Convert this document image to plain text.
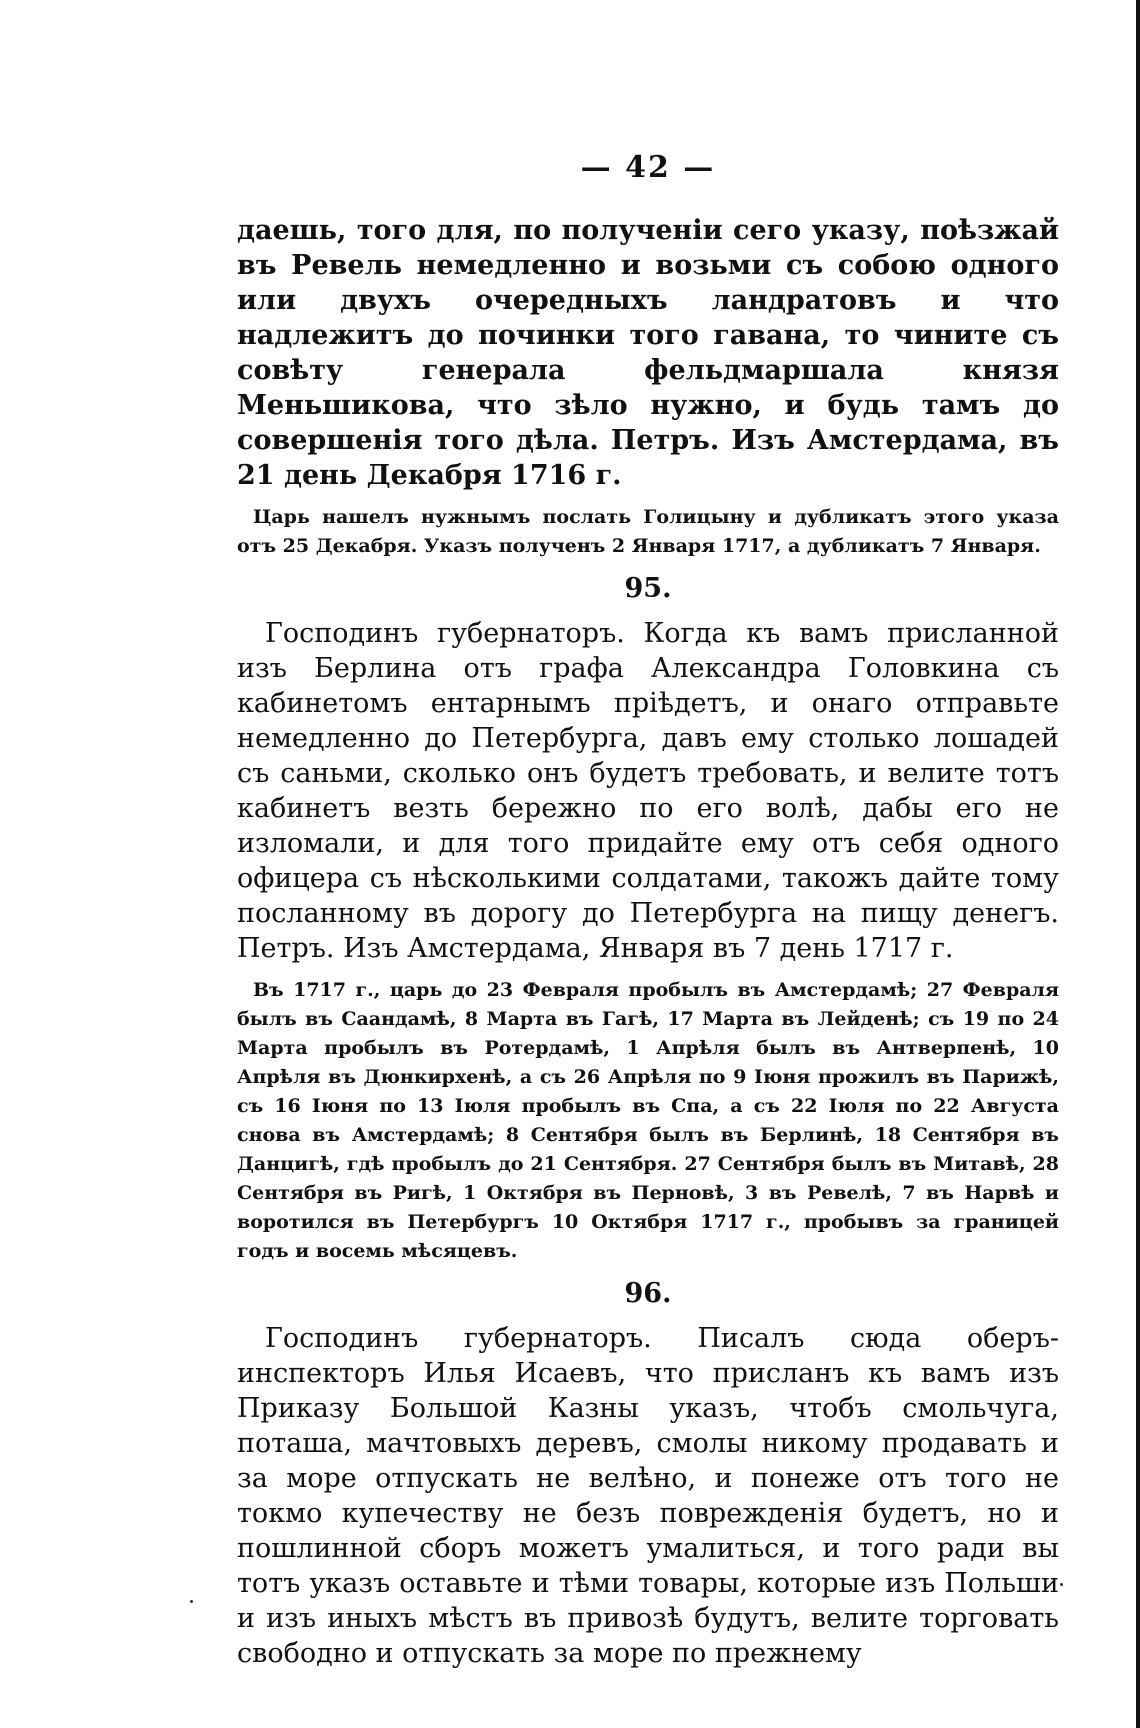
— 42 —

даешь, того для, по полученіи сего указу, поѣзжай въ Ревель немедленно и возьми съ собою одного или двухъ очередныхъ ландратовъ и что надлежитъ до починки того гавана, то чините съ совѣту генерала фельдмаршала князя Меньшикова, что зѣло нужно, и будь тамъ до совершенія того дѣла. Петръ. Изъ Амстердама, въ 21 день Декабря 1716 г.

Царь нашелъ нужнымъ послать Голицыну и дубликатъ этого указа отъ 25 Декабря. Указъ полученъ 2 Января 1717, а дубликатъ 7 Января.

95.

Господинъ губернаторъ. Когда къ вамъ присланной изъ Берлина отъ графа Александра Головкина съ кабинетомъ ентарнымъ пріѣдетъ, и онаго отправьте немедленно до Петербурга, давъ ему столько лошадей съ саньми, сколько онъ будетъ требовать, и велите тотъ кабинетъ везть бережно по его волѣ, дабы его не изломали, и для того придайте ему отъ себя одного офицера съ нѣсколькими солдатами, такожъ дайте тому посланному въ дорогу до Петербурга на пищу денегъ. Петръ. Изъ Амстердама, Января въ 7 день 1717 г.

Въ 1717 г., царь до 23 Февраля пробылъ въ Амстердамѣ; 27 Февраля былъ въ Саандамѣ, 8 Марта въ Гагѣ, 17 Марта въ Лейденѣ; съ 19 по 24 Марта пробылъ въ Ротердамѣ, 1 Апрѣля былъ въ Антверпенѣ, 10 Апрѣля въ Дюнкирхенѣ, а съ 26 Апрѣля по 9 Іюня прожилъ въ Парижѣ, съ 16 Іюня по 13 Іюля пробылъ въ Спа, а съ 22 Іюля по 22 Августа снова въ Амстердамѣ; 8 Сентября былъ въ Берлинѣ, 18 Сентября въ Данцигѣ, гдѣ пробылъ до 21 Сентября. 27 Сентября былъ въ Митавѣ, 28 Сентября въ Ригѣ, 1 Октября въ Перновѣ, 3 въ Ревелѣ, 7 въ Нарвѣ и воротился въ Петербургъ 10 Октября 1717 г., пробывъ за границей годъ и восемь мѣсяцевъ.

96.

Господинъ губернаторъ. Писалъ сюда оберъ-инспекторъ Илья Исаевъ, что присланъ къ вамъ изъ Приказу Большой Казны указъ, чтобъ смольчуга, поташа, мачтовыхъ деревъ, смолы никому продавать и за море отпускать не велѣно, и понеже отъ того не токмо купечеству не безъ поврежденія будетъ, но и пошлинной сборъ можетъ умалиться, и того ради вы тотъ указъ оставьте и тѣми товары, которые изъ Польши и изъ иныхъ мѣстъ въ привозѣ будутъ, велите торговать свободно и отпускать за море по прежнему
